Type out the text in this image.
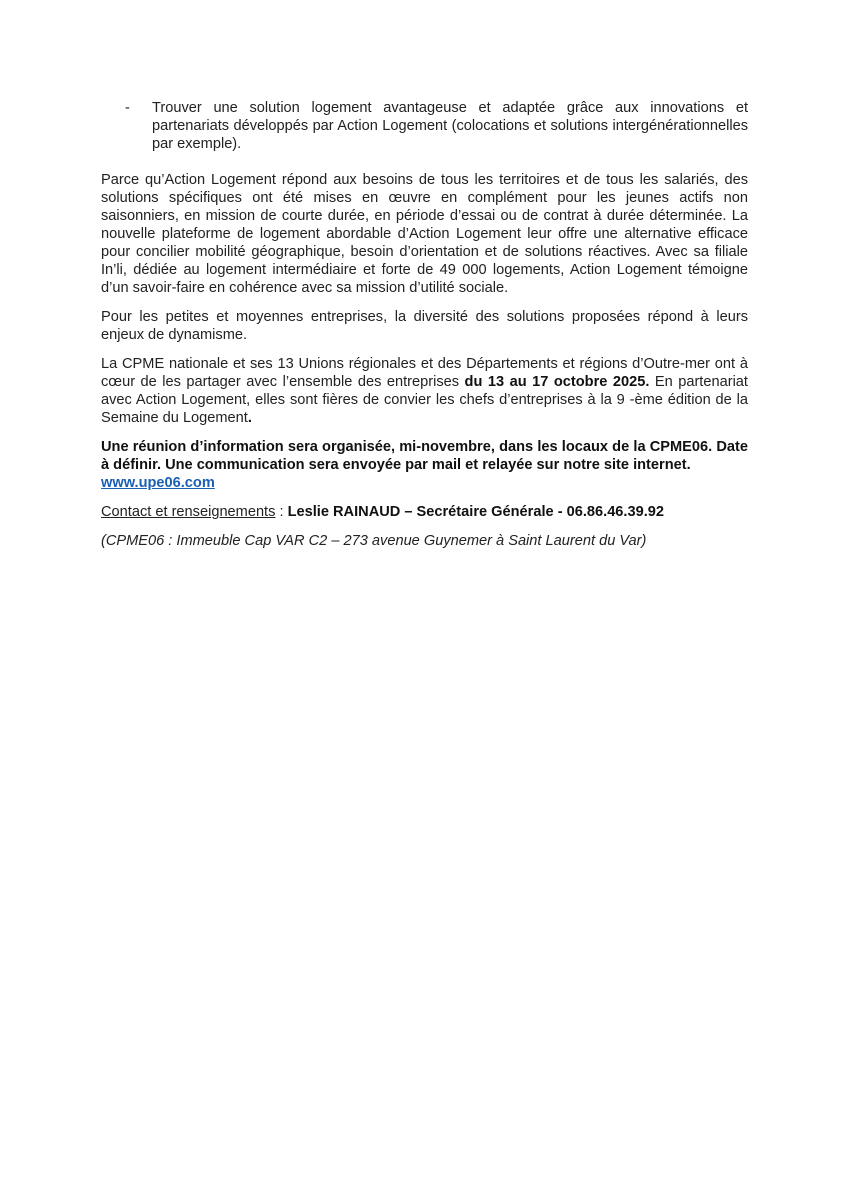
- Trouver une solution logement avantageuse et adaptée grâce aux innovations et partenariats développés par Action Logement (colocations et solutions intergénérationnelles par exemple).

Parce qu’Action Logement répond aux besoins de tous les territoires et de tous les salariés, des solutions spécifiques ont été mises en œuvre en complément pour les jeunes actifs non saisonniers, en mission de courte durée, en période d’essai ou de contrat à durée déterminée. La nouvelle plateforme de logement abordable d’Action Logement leur offre une alternative efficace pour concilier mobilité géographique, besoin d’orientation et de solutions réactives. Avec sa filiale In’li, dédiée au logement intermédiaire et forte de 49 000 logements, Action Logement témoigne d’un savoir-faire en cohérence avec sa mission d’utilité sociale.

Pour les petites et moyennes entreprises, la diversité des solutions proposées répond à leurs enjeux de dynamisme.

La CPME nationale et ses 13 Unions régionales et des Départements et régions d’Outre-mer ont à cœur de les partager avec l’ensemble des entreprises du 13 au 17 octobre 2025. En partenariat avec Action Logement, elles sont fières de convier les chefs d’entreprises à la 9 -ème édition de la Semaine du Logement.

Une réunion d’information sera organisée, mi-novembre, dans les locaux de la CPME06. Date à définir. Une communication sera envoyée par mail et relayée sur notre site internet.
www.upe06.com

Contact et renseignements : Leslie RAINAUD – Secrétaire Générale - 06.86.46.39.92

(CPME06 : Immeuble Cap VAR C2 – 273 avenue Guynemer à Saint Laurent du Var)
